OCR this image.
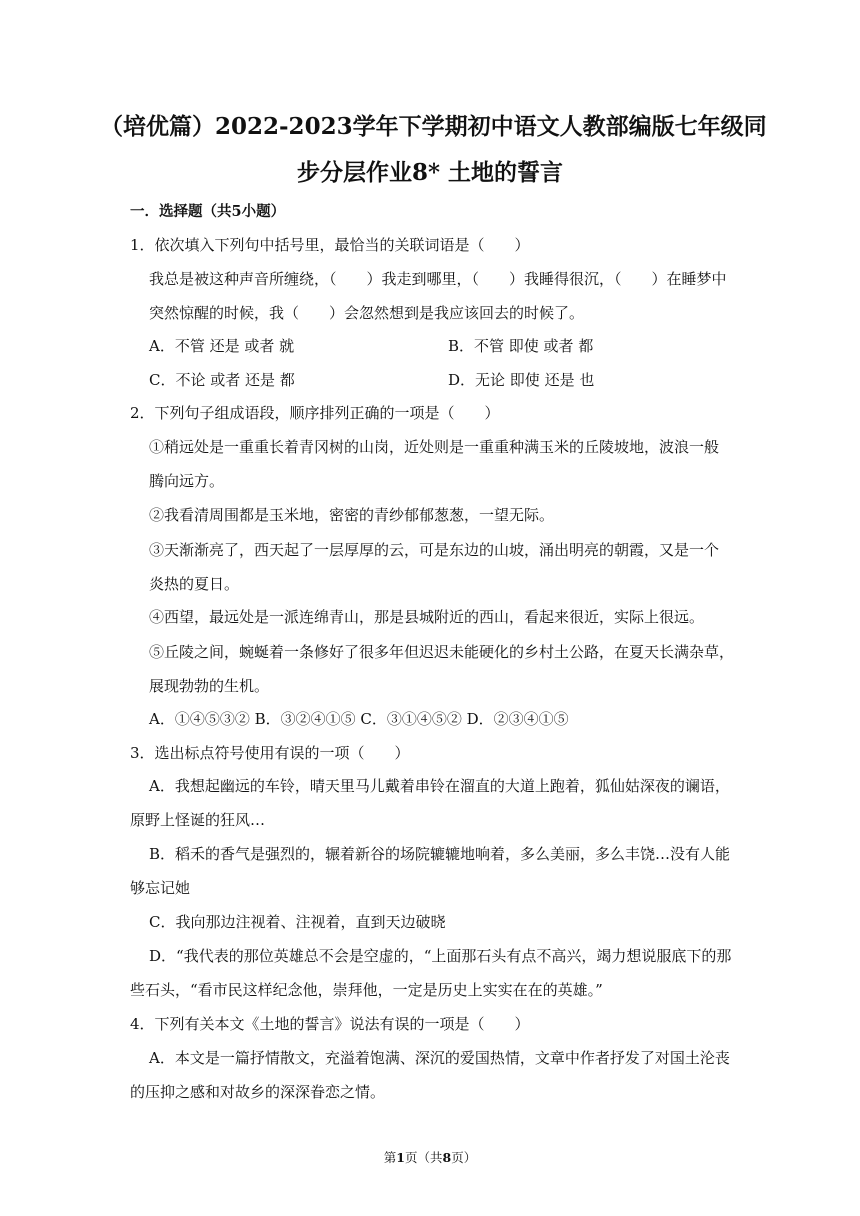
（培优篇）2022-2023学年下学期初中语文人教部编版七年级同
步分层作业8* 土地的誓言
一．选择题（共5小题）
1．依次填入下列句中括号里，最恰当的关联词语是（　　）
我总是被这种声音所缠绕，（　　）我走到哪里，（　　）我睡得很沉，（　　）在睡梦中
突然惊醒的时候，我（　　）会忽然想到是我应该回去的时候了。
A．不管 还是 或者 就	B．不管 即使 或者 都
C．不论 或者 还是 都	D．无论 即使 还是 也
2．下列句子组成语段，顺序排列正确的一项是（　　）
①稍远处是一重重长着青冈树的山岗，近处则是一重重种满玉米的丘陵坡地，波浪一般
腾向远方。
②我看清周围都是玉米地，密密的青纱郁郁葱葱，一望无际。
③天渐渐亮了，西天起了一层厚厚的云，可是东边的山坡，涌出明亮的朝霞，又是一个
炎热的夏日。
④西望，最远处是一派连绵青山，那是县城附近的西山，看起来很近，实际上很远。
⑤丘陵之间，蜿蜒着一条修好了很多年但迟迟未能硬化的乡村土公路，在夏天长满杂草，
展现勃勃的生机。
A．①④⑤③② B．③②④①⑤ C．③①④⑤② D．②③④①⑤
3．选出标点符号使用有误的一项（　　）
A．我想起幽远的车铃，晴天里马儿戴着串铃在溜直的大道上跑着，狐仙姑深夜的谰语，
原野上怪诞的狂风…
B．稻禾的香气是强烈的，辗着新谷的场院辘辘地响着，多么美丽，多么丰饶…没有人能
够忘记她
C．我向那边注视着、注视着，直到天边破晓
D．“我代表的那位英雄总不会是空虚的，“上面那石头有点不高兴，竭力想说服底下的那
些石头，“看市民这样纪念他，崇拜他，一定是历史上实实在在的英雄。”
4．下列有关本文《土地的誓言》说法有误的一项是（　　）
A．本文是一篇抒情散文，充溢着饱满、深沉的爱国热情，文章中作者抒发了对国土沦丧
的压抑之感和对故乡的深深眷恋之情。
第1页（共8页）
